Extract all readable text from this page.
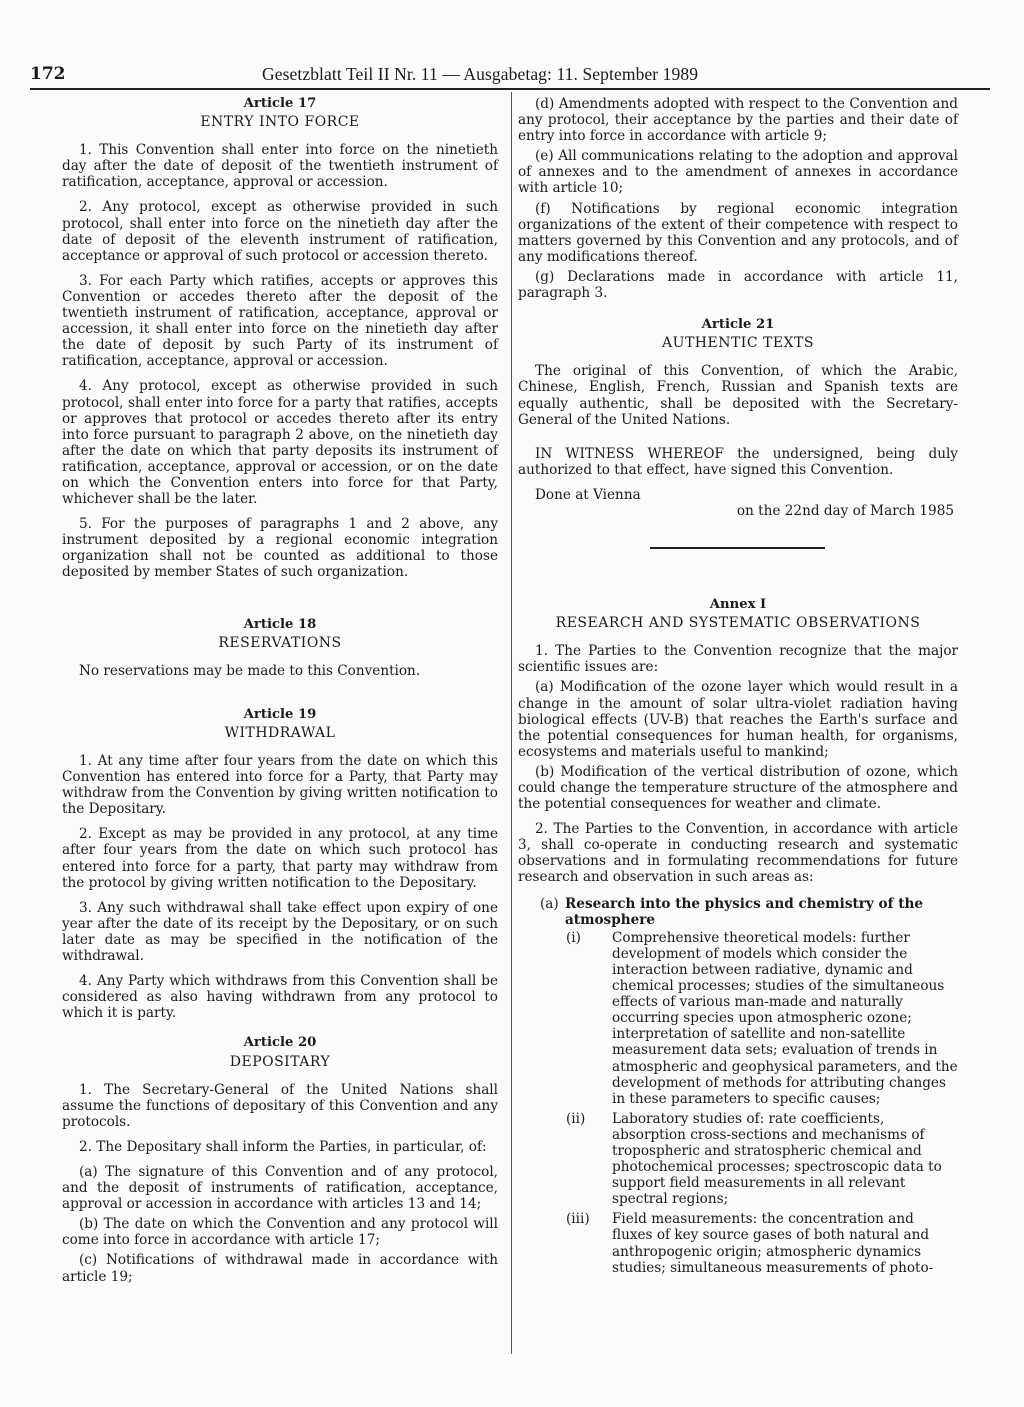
172	Gesetzblatt Teil II Nr. 11 — Ausgabetag: 11. September 1989

Article 17

ENTRY INTO FORCE

1. This Convention shall enter into force on the ninetieth day after the date of deposit of the twentieth instrument of ratification, acceptance, approval or accession.

2. Any protocol, except as otherwise provided in such protocol, shall enter into force on the ninetieth day after the date of deposit of the eleventh instrument of ratification, acceptance or approval of such protocol or accession thereto.

3. For each Party which ratifies, accepts or approves this Convention or accedes thereto after the deposit of the twentieth instrument of ratification, acceptance, approval or accession, it shall enter into force on the ninetieth day after the date of deposit by such Party of its instrument of ratification, acceptance, approval or accession.

4. Any protocol, except as otherwise provided in such protocol, shall enter into force for a party that ratifies, accepts or approves that protocol or accedes thereto after its entry into force pursuant to paragraph 2 above, on the ninetieth day after the date on which that party deposits its instrument of ratification, acceptance, approval or accession, or on the date on which the Convention enters into force for that Party, whichever shall be the later.

5. For the purposes of paragraphs 1 and 2 above, any instrument deposited by a regional economic integration organization shall not be counted as additional to those deposited by member States of such organization.

Article 18

RESERVATIONS

No reservations may be made to this Convention.

Article 19

WITHDRAWAL

1. At any time after four years from the date on which this Convention has entered into force for a Party, that Party may withdraw from the Convention by giving written notification to the Depositary.

2. Except as may be provided in any protocol, at any time after four years from the date on which such protocol has entered into force for a party, that party may withdraw from the protocol by giving written notification to the Depositary.

3. Any such withdrawal shall take effect upon expiry of one year after the date of its receipt by the Depositary, or on such later date as may be specified in the notification of the withdrawal.

4. Any Party which withdraws from this Convention shall be considered as also having withdrawn from any protocol to which it is party.

Article 20

DEPOSITARY

1. The Secretary-General of the United Nations shall assume the functions of depositary of this Convention and any protocols.

2. The Depositary shall inform the Parties, in particular, of:

(a) The signature of this Convention and of any protocol, and the deposit of instruments of ratification, acceptance, approval or accession in accordance with articles 13 and 14;

(b) The date on which the Convention and any protocol will come into force in accordance with article 17;

(c) Notifications of withdrawal made in accordance with article 19;

(d) Amendments adopted with respect to the Convention and any protocol, their acceptance by the parties and their date of entry into force in accordance with article 9;

(e) All communications relating to the adoption and approval of annexes and to the amendment of annexes in accordance with article 10;

(f) Notifications by regional economic integration organizations of the extent of their competence with respect to matters governed by this Convention and any protocols, and of any modifications thereof.

(g) Declarations made in accordance with article 11, paragraph 3.

Article 21

AUTHENTIC TEXTS

The original of this Convention, of which the Arabic, Chinese, English, French, Russian and Spanish texts are equally authentic, shall be deposited with the Secretary-General of the United Nations.

IN WITNESS WHEREOF the undersigned, being duly authorized to that effect, have signed this Convention.

Done at Vienna

on the 22nd day of March 1985

Annex I

RESEARCH AND SYSTEMATIC OBSERVATIONS

1. The Parties to the Convention recognize that the major scientific issues are:

(a) Modification of the ozone layer which would result in a change in the amount of solar ultra-violet radiation having biological effects (UV-B) that reaches the Earth's surface and the potential consequences for human health, for organisms, ecosystems and materials useful to mankind;

(b) Modification of the vertical distribution of ozone, which could change the temperature structure of the atmosphere and the potential consequences for weather and climate.

2. The Parties to the Convention, in accordance with article 3, shall co-operate in conducting research and systematic observations and in formulating recommendations for future research and observation in such areas as:

(a) Research into the physics and chemistry of the atmosphere
(i)	Comprehensive theoretical models: further development of models which consider the interaction between radiative, dynamic and chemical processes; studies of the simultaneous effects of various man-made and naturally occurring species upon atmospheric ozone; interpretation of satellite and non-satellite measurement data sets; evaluation of trends in atmospheric and geophysical parameters, and the development of methods for attributing changes in these parameters to specific causes;
(ii)	Laboratory studies of: rate coefficients, absorption cross-sections and mechanisms of tropospheric and stratospheric chemical and photochemical processes; spectroscopic data to support field measurements in all relevant spectral regions;
(iii)	Field measurements: the concentration and fluxes of key source gases of both natural and anthropogenic origin; atmospheric dynamics studies; simultaneous measurements of photo-
